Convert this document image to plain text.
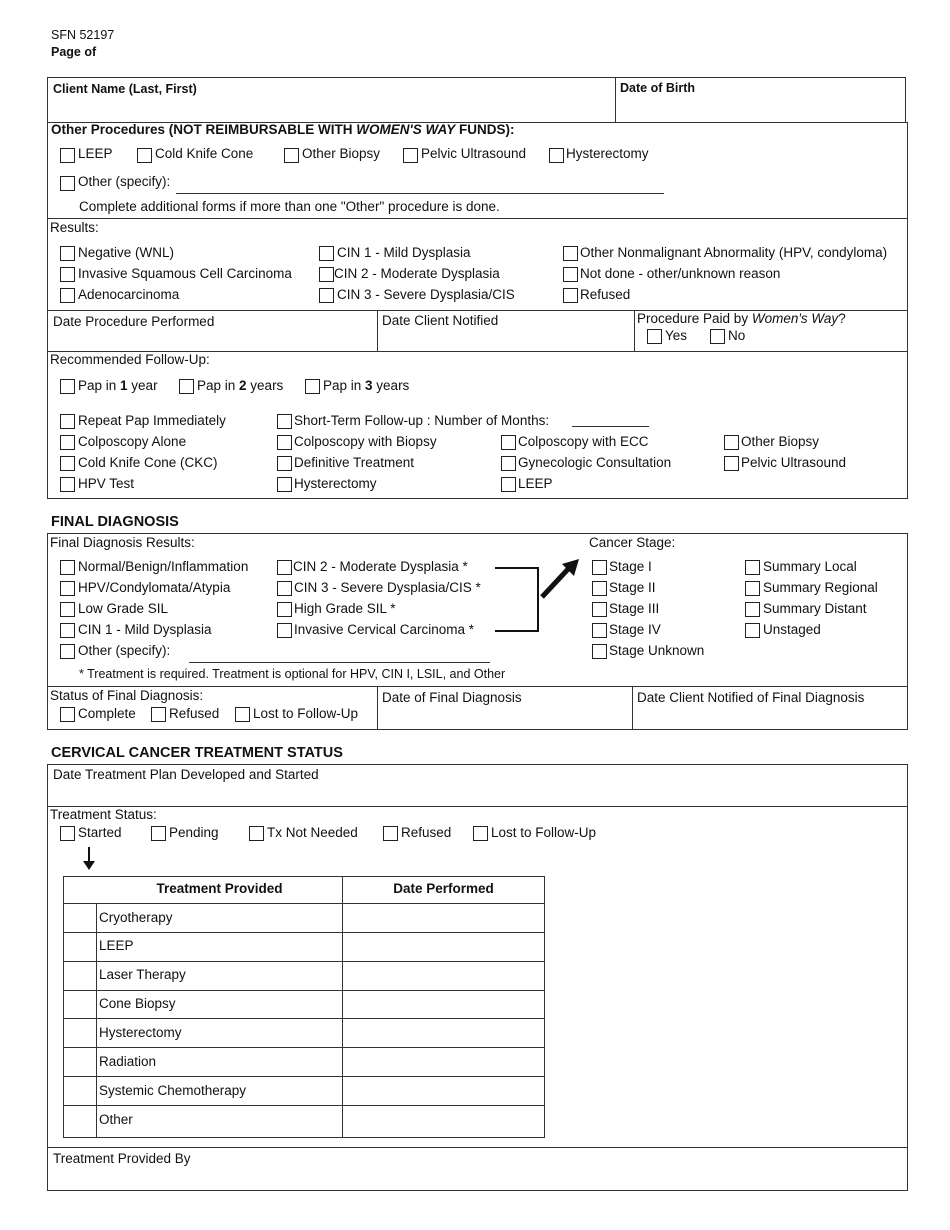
SFN 52197
Page of
Client Name (Last, First)	Date of Birth
Other Procedures (NOT REIMBURSABLE WITH WOMEN'S WAY FUNDS):
LEEP	Cold Knife Cone	Other Biopsy	Pelvic Ultrasound	Hysterectomy
Other (specify):
Complete additional forms if more than one "Other" procedure is done.
Results:
Negative (WNL)
Invasive Squamous Cell Carcinoma
Adenocarcinoma
CIN 1 - Mild Dysplasia
CIN 2 - Moderate Dysplasia
CIN 3 - Severe Dysplasia/CIS
Other Nonmalignant Abnormality (HPV, condyloma)
Not done - other/unknown reason
Refused
Date Procedure Performed	Date Client Notified	Procedure Paid by Women's Way?
Yes	No
Recommended Follow-Up:
Pap in 1 year	Pap in 2 years	Pap in 3 years
Repeat Pap Immediately
Colposcopy Alone
Cold Knife Cone (CKC)
HPV Test
Short-Term Follow-up : Number of Months:
Colposcopy with Biopsy
Definitive Treatment
Hysterectomy
Colposcopy with ECC
Gynecologic Consultation
LEEP
Other Biopsy
Pelvic Ultrasound
FINAL DIAGNOSIS
Final Diagnosis Results:
Normal/Benign/Inflammation
HPV/Condylomata/Atypia
Low Grade SIL
CIN 1 - Mild Dysplasia
Other (specify):
CIN 2 - Moderate Dysplasia *
CIN 3 - Severe Dysplasia/CIS *
High Grade SIL *
Invasive Cervical Carcinoma *
Cancer Stage:
Stage I
Stage II
Stage III
Stage IV
Stage Unknown
Summary Local
Summary Regional
Summary Distant
Unstaged
* Treatment is required. Treatment is optional for HPV, CIN I, LSIL, and Other
Status of Final Diagnosis:
Complete Refused Lost to Follow-Up
Date of Final Diagnosis	Date Client Notified of Final Diagnosis
CERVICAL CANCER TREATMENT STATUS
Date Treatment Plan Developed and Started
Treatment Status:
Started	Pending	Tx Not Needed	Refused	Lost to Follow-Up
Treatment Provided	Date Performed
Cryotherapy
LEEP
Laser Therapy
Cone Biopsy
Hysterectomy
Radiation
Systemic Chemotherapy
Other
Treatment Provided By
